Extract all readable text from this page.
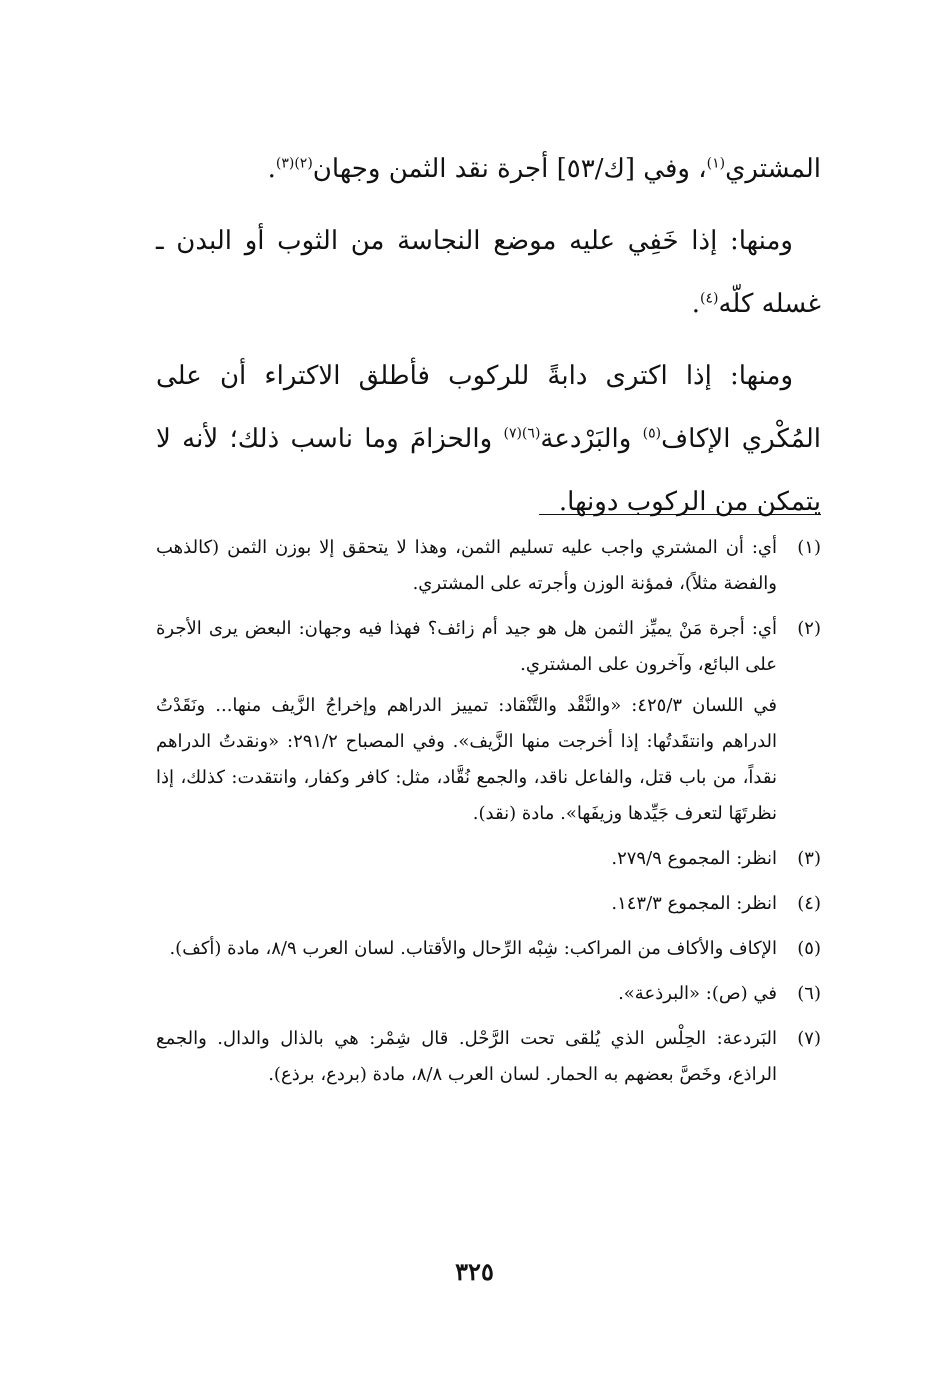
المشتري$^{(١)}$، وفي [ك/٥٣] أجرة نقد الثمن وجهان$^{(٢)(٣)}$.

ومنها: إذا خَفِي عليه موضع النجاسة من الثوب أو البدن ـ غسله كلّه$^{(٤)}$.

ومنها: إذا اكترى دابةً للركوب فأطلق الاكتراء أن على المُكْري الإكاف$^{(٥)}$ والبَرْدعة$^{(٦)(٧)}$ والحزامَ وما ناسب ذلك؛ لأنه لا يتمكن من الركوب دونها.

(١)
أي: أن المشتري واجب عليه تسليم الثمن، وهذا لا يتحقق إلا بوزن الثمن (كالذهب والفضة مثلاً)، فمؤنة الوزن وأجرته على المشتري.
(٢)
أي: أجرة مَنْ يميِّز الثمن هل هو جيد أم زائف؟ فهذا فيه وجهان: البعض يرى الأجرة على البائع، وآخرون على المشتري.
في اللسان ٤٢٥/٣: «والنَّقْد والتَّنْقاد: تمييز الدراهم وإخراجُ الزَّيف منها... ونَقَدْتُ الدراهم وانتقَدتُها: إذا أخرجت منها الزَّيف». وفي المصباح ٢٩١/٢: «ونقدتُ الدراهم نقداً، من باب قتل، والفاعل ناقد، والجمع نُقَّاد، مثل: كافر وكفار، وانتقدت: كذلك، إذا نظرتَهَا لتعرف جَيِّدها وزيفَها». مادة (نقد).
(٣)
انظر: المجموع ٢٧٩/٩.
(٤)
انظر: المجموع ١٤٣/٣.
(٥)
الإكاف والأكاف من المراكب: شِبْه الرِّحال والأقتاب. لسان العرب ٨/٩، مادة (أكف).
(٦)
في (ص): «البرذعة».
(٧)
البَردعة: الحِلْس الذي يُلقى تحت الرَّحْل. قال شِمْر: هي بالذال والدال. والجمع الراذع، وخَصَّ بعضهم به الحمار. لسان العرب ٨/٨، مادة (بردع، برذع).
٣٢٥
